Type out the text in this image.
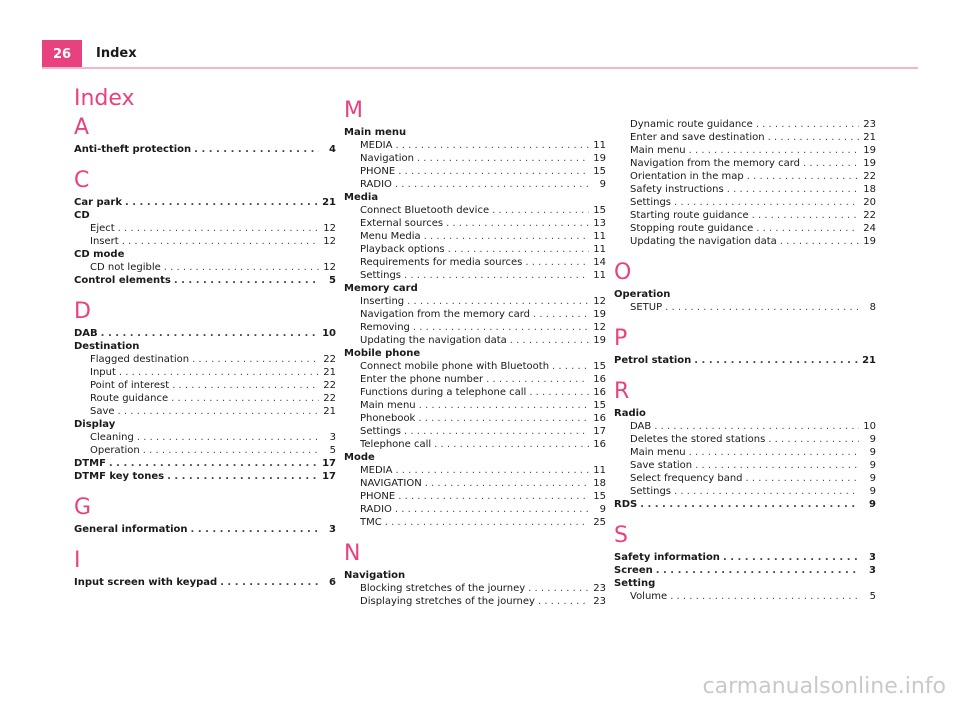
26	Index
Index
A
Anti-theft protection . . .	4
C
Car park . . .	21
CD
Eject . . .	12
Insert . . .	12
CD mode
CD not legible . . .	12
Control elements . . .	5
D
DAB . . .	10
Destination
Flagged destination . . .	22
Input . . .	21
Point of interest . . .	22
Route guidance . . .	22
Save . . .	21
Display
Cleaning . . .	3
Operation . . .	5
DTMF . . .	17
DTMF key tones . . .	17
G
General information . . .	3
I
Input screen with keypad . . .	6
M
Main menu
MEDIA . . .	11
Navigation . . .	19
PHONE . . .	15
RADIO . . .	9
Media
Connect Bluetooth device . . .	15
External sources . . .	13
Menu Media . . .	11
Playback options . . .	11
Requirements for media sources . . .	14
Settings . . .	11
Memory card
Inserting . . .	12
Navigation from the memory card . . .	19
Removing . . .	12
Updating the navigation data . . .	19
Mobile phone
Connect mobile phone with Bluetooth . . .	15
Enter the phone number . . .	16
Functions during a telephone call . . .	16
Main menu . . .	15
Phonebook . . .	16
Settings . . .	17
Telephone call . . .	16
Mode
MEDIA . . .	11
NAVIGATION . . .	18
PHONE . . .	15
RADIO . . .	9
TMC . . .	25
N
Navigation
Blocking stretches of the journey . . .	23
Displaying stretches of the journey . . .	23
Dynamic route guidance . . .	23
Enter and save destination . . .	21
Main menu . . .	19
Navigation from the memory card . . .	19
Orientation in the map . . .	22
Safety instructions . . .	18
Settings . . .	20
Starting route guidance . . .	22
Stopping route guidance . . .	24
Updating the navigation data . . .	19
O
Operation
SETUP . . .	8
P
Petrol station . . .	21
R
Radio
DAB . . .	10
Deletes the stored stations . . .	9
Main menu . . .	9
Save station . . .	9
Select frequency band . . .	9
Settings . . .	9
RDS . . .	9
S
Safety information . . .	3
Screen . . .	3
Setting
Volume . . .	5
carmanualsonline.info
